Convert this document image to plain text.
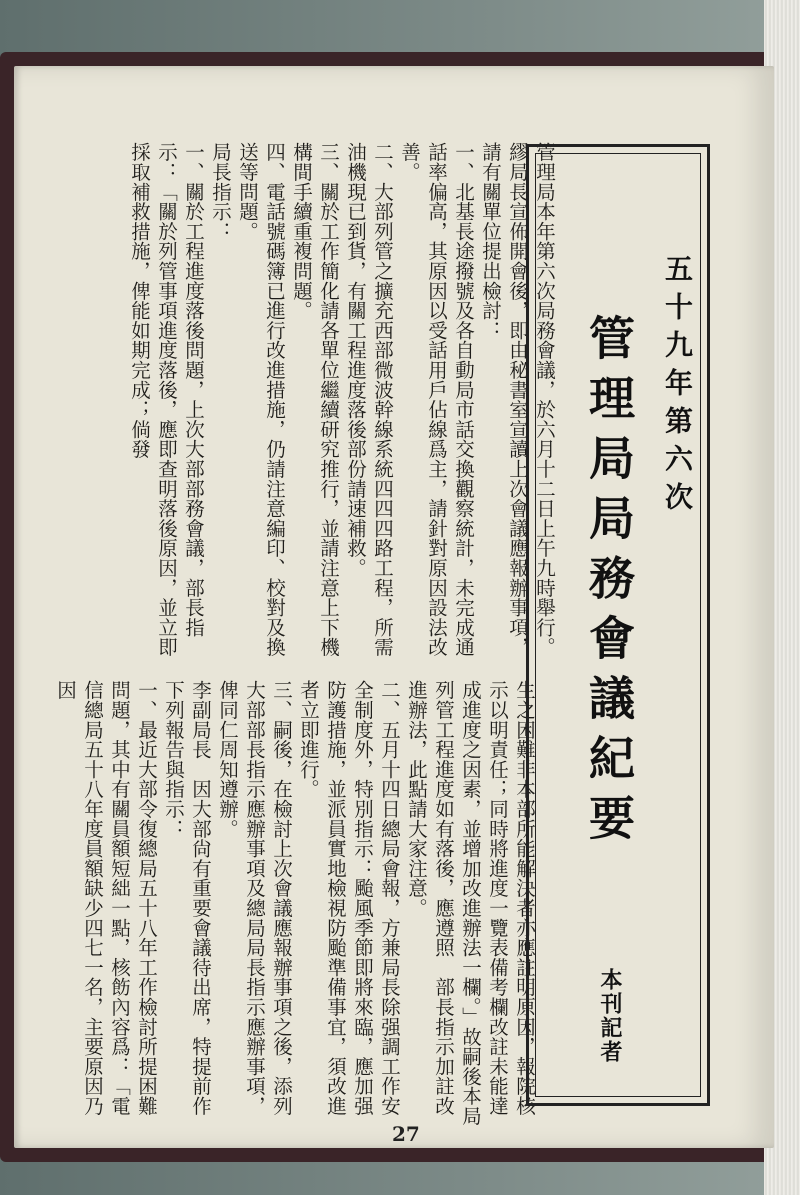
管理局本年第六次局務會議，於六月十二日上午九時舉行。繆局長宣佈開會後，即由秘書室宣讀上次會議應報辦事項，請有關單位提出檢討：
一、北基長途撥號及各自動局市話交換觀察統計，未完成通話率偏高，其原因以受話用戶佔線爲主，請針對原因設法改善。
二、大部列管之擴充西部微波幹線系統四四四路工程，所需油機現已到貨，有關工程進度落後部份請速補救。
三、關於工作簡化請各單位繼續研究推行，並請注意上下機構間手續重複問題。
四、電話號碼簿已進行改進措施，仍請注意編印、校對及換送等問題。
局長指示：
一、關於工程進度落後問題，上次大部部務會議，部長指示：「關於列管事項進度落後，應即查明落後原因，並立即採取補救措施，俾能如期完成；倘發
生之困難非本部所能解決者亦應註明原因，報院核示以明責任；同時將進度一覽表備考欄改註未能達成進度之因素，並增加改進辦法一欄。」故嗣後本局列管工程進度如有落後，應遵照　部長指示加註改進辦法，此點請大家注意。
二、五月十四日總局會報，方兼局長除强調工作安全制度外，特別指示：颱風季節即將來臨，應加强防護措施，並派員實地檢視防颱準備事宜，須改進者立即進行。
三、嗣後，在檢討上次會議應報辦事項之後，添列大部部長指示應辦事項及總局局長指示應辦事項，俾同仁周知遵辦。
李副局長　因大部尙有重要會議待出席，特提前作下列報告與指示：
一、最近大部令復總局五十八年工作檢討所提困難問題，其中有關員額短絀一點，核飭內容爲：「電信總局五十八年度員額缺少四七一名，主要原因乃因
五十九年第六次
管理局局務會議紀要
本刊記者
27
